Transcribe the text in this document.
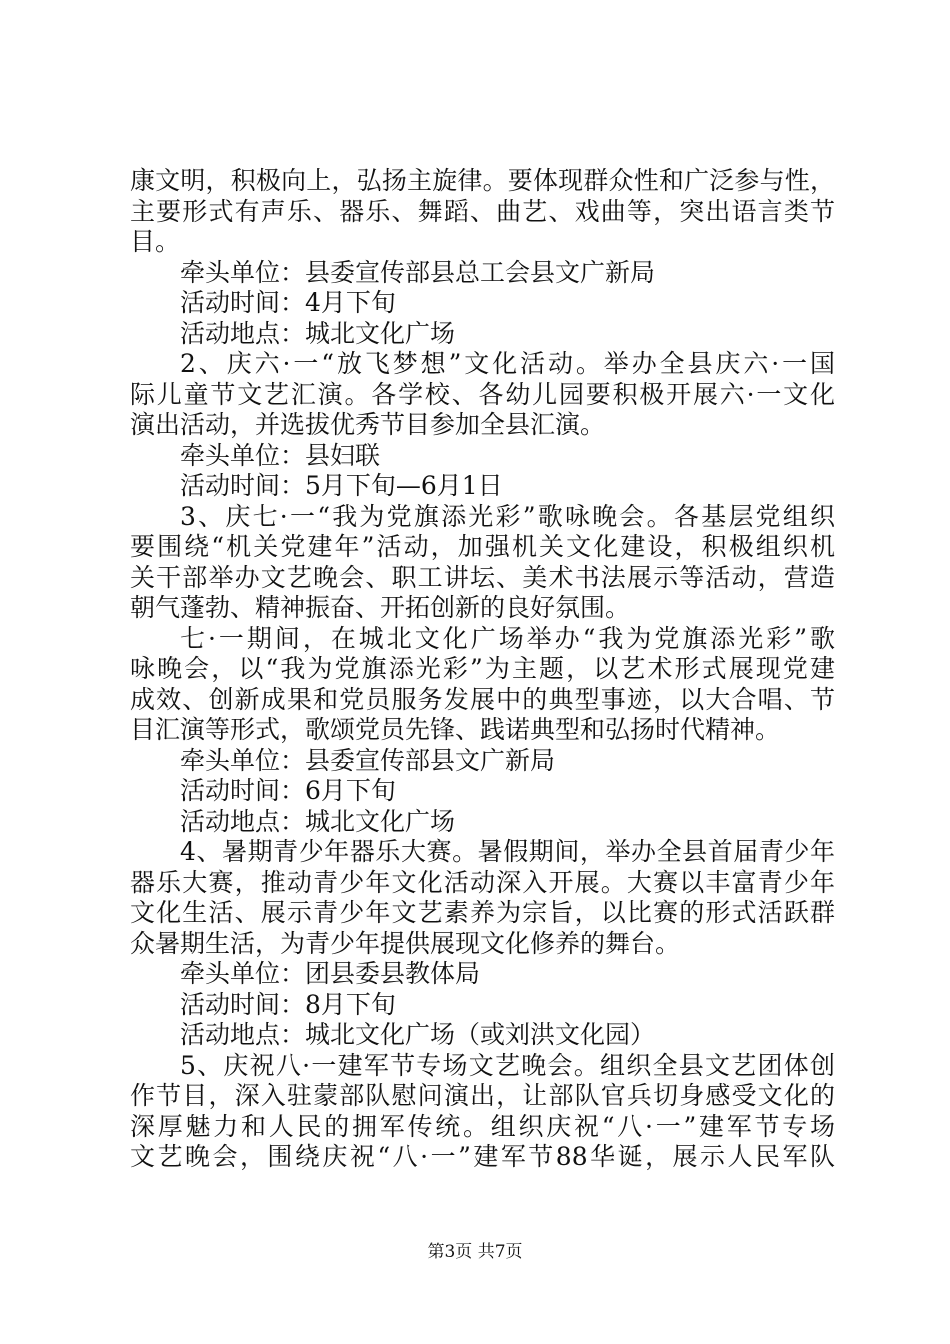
康文明，积极向上，弘扬主旋律。要体现群众性和广泛参与性，
主要形式有声乐、器乐、舞蹈、曲艺、戏曲等，突出语言类节
目。
牵头单位：县委宣传部县总工会县文广新局
活动时间：4月下旬
活动地点：城北文化广场
2、庆六·一“放飞梦想”文化活动。举办全县庆六·一国
际儿童节文艺汇演。各学校、各幼儿园要积极开展六·一文化
演出活动，并选拔优秀节目参加全县汇演。
牵头单位：县妇联
活动时间：5月下旬—6月1日
3、庆七·一“我为党旗添光彩”歌咏晚会。各基层党组织
要围绕“机关党建年”活动，加强机关文化建设，积极组织机
关干部举办文艺晚会、职工讲坛、美术书法展示等活动，营造
朝气蓬勃、精神振奋、开拓创新的良好氛围。
七·一期间，在城北文化广场举办“我为党旗添光彩”歌
咏晚会，以“我为党旗添光彩”为主题，以艺术形式展现党建
成效、创新成果和党员服务发展中的典型事迹，以大合唱、节
目汇演等形式，歌颂党员先锋、践诺典型和弘扬时代精神。
牵头单位：县委宣传部县文广新局
活动时间：6月下旬
活动地点：城北文化广场
4、暑期青少年器乐大赛。暑假期间，举办全县首届青少年
器乐大赛，推动青少年文化活动深入开展。大赛以丰富青少年
文化生活、展示青少年文艺素养为宗旨，以比赛的形式活跃群
众暑期生活，为青少年提供展现文化修养的舞台。
牵头单位：团县委县教体局
活动时间：8月下旬
活动地点：城北文化广场（或刘洪文化园）
5、庆祝八·一建军节专场文艺晚会。组织全县文艺团体创
作节目，深入驻蒙部队慰问演出，让部队官兵切身感受文化的
深厚魅力和人民的拥军传统。组织庆祝“八·一”建军节专场
文艺晚会，围绕庆祝“八·一”建军节88华诞，展示人民军队
第3页 共7页
